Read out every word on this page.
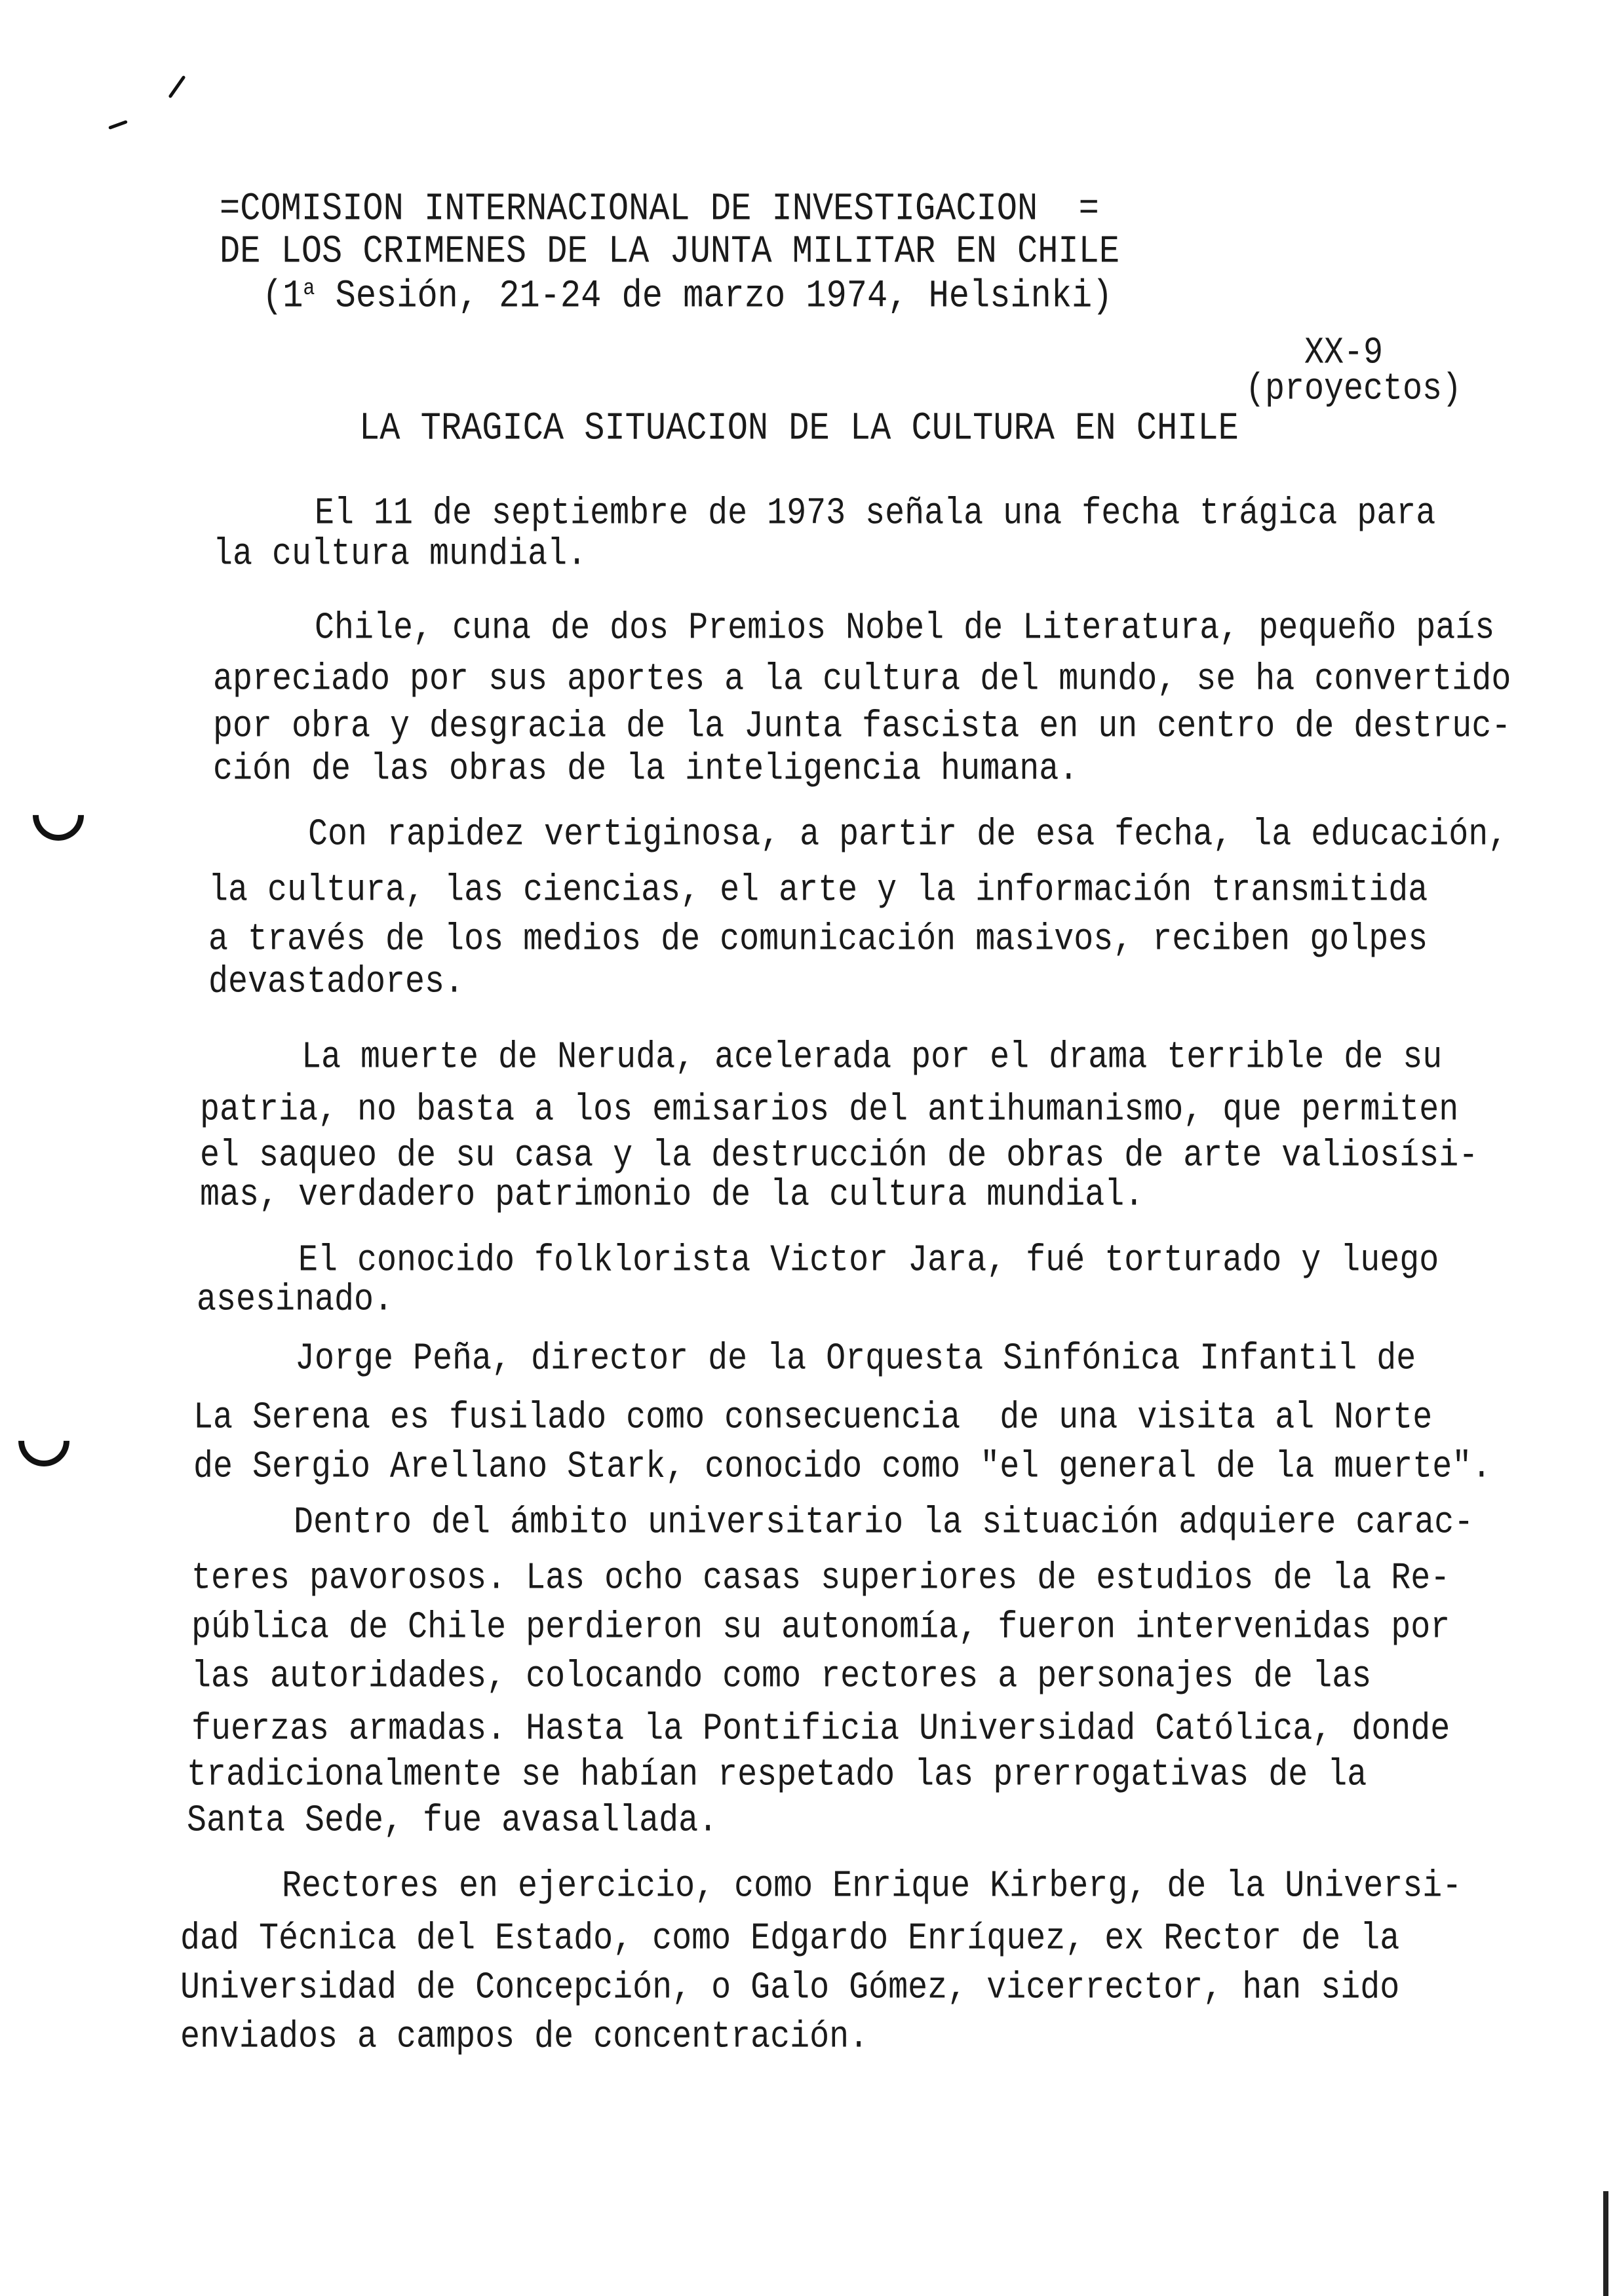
=COMISION INTERNACIONAL DE INVESTIGACION  =
DE LOS CRIMENES DE LA JUNTA MILITAR EN CHILE
(1$^a$ Sesión, 21-24 de marzo 1974, Helsinki)
XX-9
(proyectos)
LA TRAGICA SITUACION DE LA CULTURA EN CHILE
El 11 de septiembre de 1973 señala una fecha trágica para
la cultura mundial.
Chile, cuna de dos Premios Nobel de Literatura, pequeño país
apreciado por sus aportes a la cultura del mundo, se ha convertido
por obra y desgracia de la Junta fascista en un centro de destruc-
ción de las obras de la inteligencia humana.
Con rapidez vertiginosa, a partir de esa fecha, la educación,
la cultura, las ciencias, el arte y la información transmitida
a través de los medios de comunicación masivos, reciben golpes
devastadores.
La muerte de Neruda, acelerada por el drama terrible de su
patria, no basta a los emisarios del antihumanismo, que permiten
el saqueo de su casa y la destrucción de obras de arte valiosísi-
mas, verdadero patrimonio de la cultura mundial.
El conocido folklorista Victor Jara, fué torturado y luego
asesinado.
Jorge Peña, director de la Orquesta Sinfónica Infantil de
La Serena es fusilado como consecuencia  de una visita al Norte
de Sergio Arellano Stark, conocido como "el general de la muerte".
Dentro del ámbito universitario la situación adquiere carac-
teres pavorosos. Las ocho casas superiores de estudios de la Re-
pública de Chile perdieron su autonomía, fueron intervenidas por
las autoridades, colocando como rectores a personajes de las
fuerzas armadas. Hasta la Pontificia Universidad Católica, donde
tradicionalmente se habían respetado las prerrogativas de la
Santa Sede, fue avasallada.
Rectores en ejercicio, como Enrique Kirberg, de la Universi-
dad Técnica del Estado, como Edgardo Enríquez, ex Rector de la
Universidad de Concepción, o Galo Gómez, vicerrector, han sido
enviados a campos de concentración.
